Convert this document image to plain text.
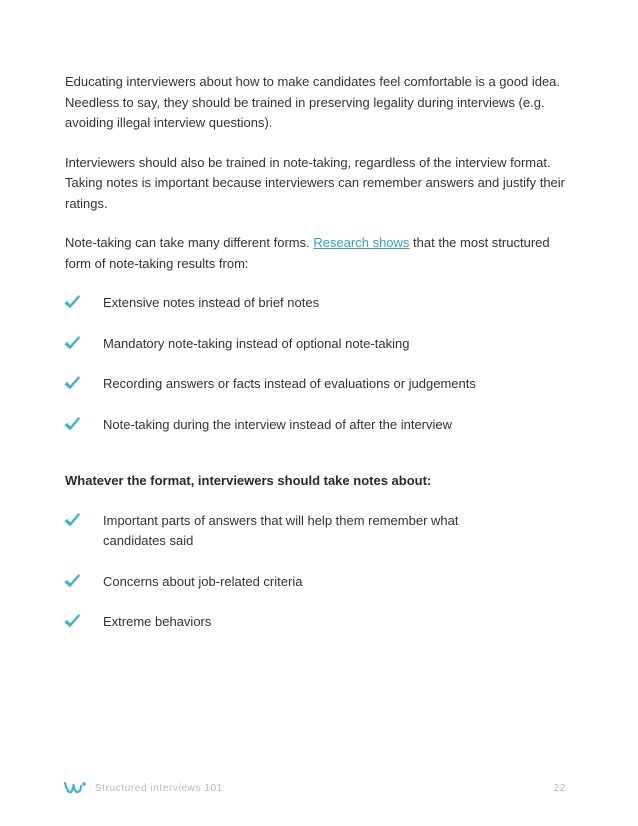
Educating interviewers about how to make candidates feel comfortable is a good idea. Needless to say, they should be trained in preserving legality during interviews (e.g. avoiding illegal interview questions).

Interviewers should also be trained in note-taking, regardless of the interview format. Taking notes is important because interviewers can remember answers and justify their ratings.

Note-taking can take many different forms. Research shows that the most structured form of note-taking results from:

Extensive notes instead of brief notes
Mandatory note-taking instead of optional note-taking
Recording answers or facts instead of evaluations or judgements
Note-taking during the interview instead of after the interview

Whatever the format, interviewers should take notes about:

Important parts of answers that will help them remember what candidates said
Concerns about job-related criteria
Extreme behaviors
Structured interviews 101	22
